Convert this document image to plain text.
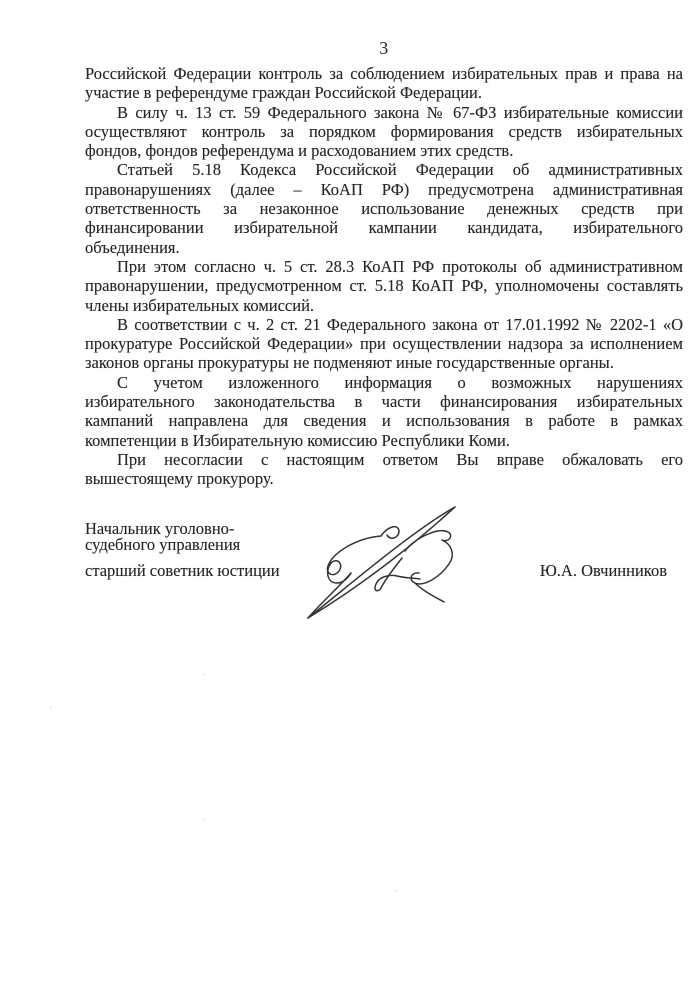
3
Российской Федерации контроль за соблюдением избирательных прав и права на
участие в референдуме граждан Российской Федерации.
В силу ч. 13 ст. 59 Федерального закона № 67-ФЗ избирательные комиссии
осуществляют контроль за порядком формирования средств избирательных
фондов, фондов референдума и расходованием этих средств.
Статьей 5.18 Кодекса Российской Федерации об административных
правонарушениях (далее – КоАП РФ) предусмотрена административная
ответственность за незаконное использование денежных средств при
финансировании избирательной кампании кандидата, избирательного
объединения.
При этом согласно ч. 5 ст. 28.3 КоАП РФ протоколы об административном
правонарушении, предусмотренном ст. 5.18 КоАП РФ, уполномочены составлять
члены избирательных комиссий.
В соответствии с ч. 2 ст. 21 Федерального закона от 17.01.1992 № 2202-1 «О
прокуратуре Российской Федерации» при осуществлении надзора за исполнением
законов органы прокуратуры не подменяют иные государственные органы.
С учетом изложенного информация о возможных нарушениях
избирательного законодательства в части финансирования избирательных
кампаний направлена для сведения и использования в работе в рамках
компетенции в Избирательную комиссию Республики Коми.
При несогласии с настоящим ответом Вы вправе обжаловать его
вышестоящему прокурору.
Начальник уголовно-
судебного управления
старший советник юстиции	Ю.А. Овчинников
